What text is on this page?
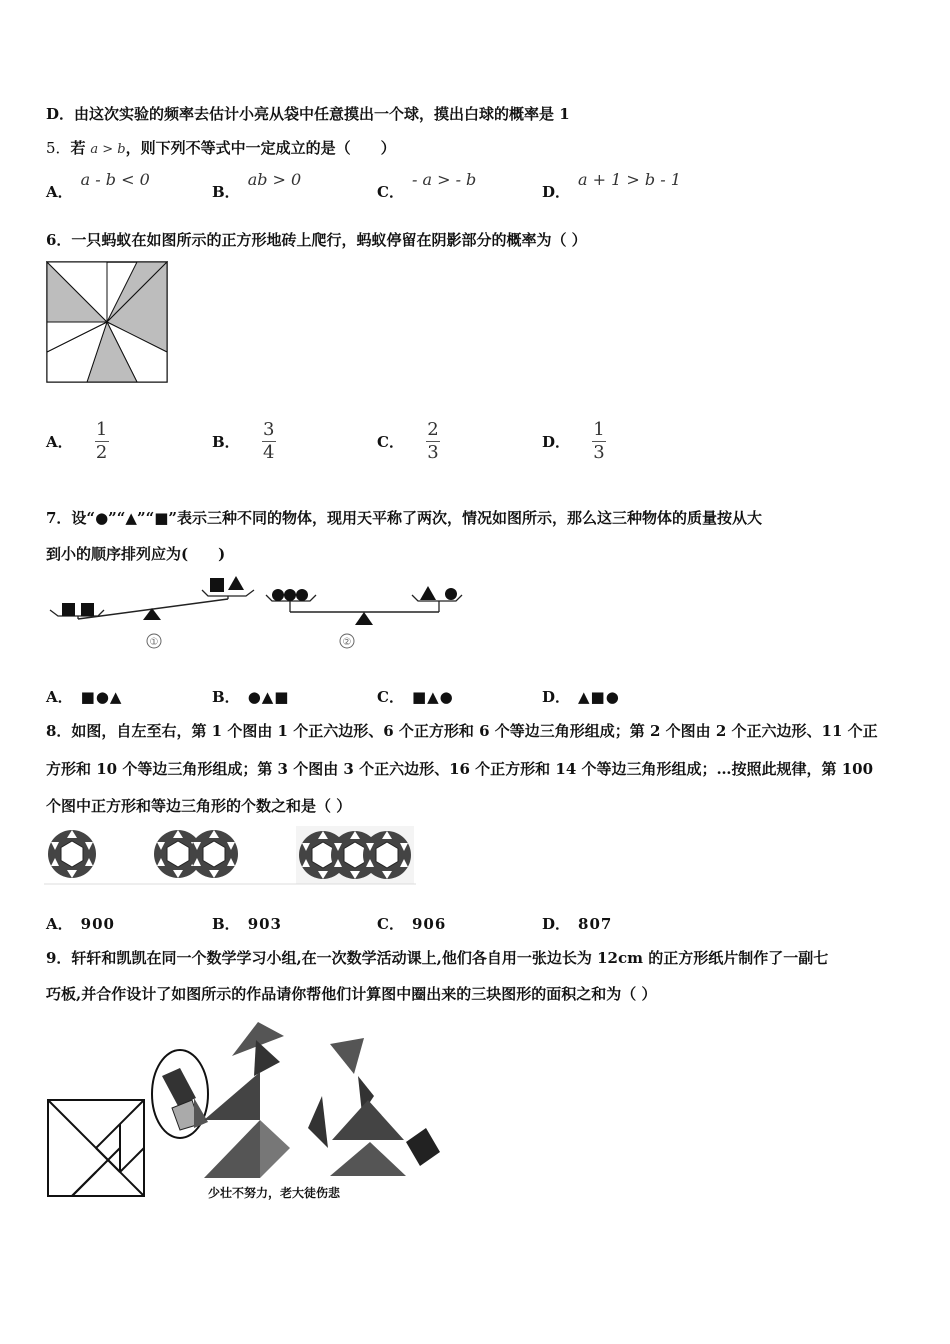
D．由这次实验的频率去估计小亮从袋中任意摸出一个球，摸出白球的概率是 1
5．若 a > b，则下列不等式中一定成立的是（　　）
A．a - b < 0
B．ab > 0
C．- a > - b
D．a + 1 > b - 1
6．一只蚂蚁在如图所示的正方形地砖上爬行，蚂蚁停留在阴影部分的概率为（ ）
A． $\frac{1}{2}$	B． $\frac{3}{4}$	C． $\frac{2}{3}$	D． $\frac{1}{3}$
7．设“●”“▲”“■”表示三种不同的物体，现用天平称了两次，情况如图所示，那么这三种物体的质量按从大
到小的顺序排列应为(　　)
①	②
A． ■●▲	B． ●▲■	C． ■▲●	D． ▲■●
8．如图，自左至右，第 1 个图由 1 个正六边形、6 个正方形和 6 个等边三角形组成；第 2 个图由 2 个正六边形、11 个正
方形和 10 个等边三角形组成；第 3 个图由 3 个正六边形、16 个正方形和 14 个等边三角形组成；…按照此规律，第 100
个图中正方形和等边三角形的个数之和是（ ）
A． 900	B． 903	C． 906	D． 807
9．轩轩和凯凯在同一个数学学习小组,在一次数学活动课上,他们各自用一张边长为 12cm 的正方形纸片制作了一副七
巧板,并合作设计了如图所示的作品请你帮他们计算图中圈出来的三块图形的面积之和为（ ）
少壮不努力，老大徒伤悲
